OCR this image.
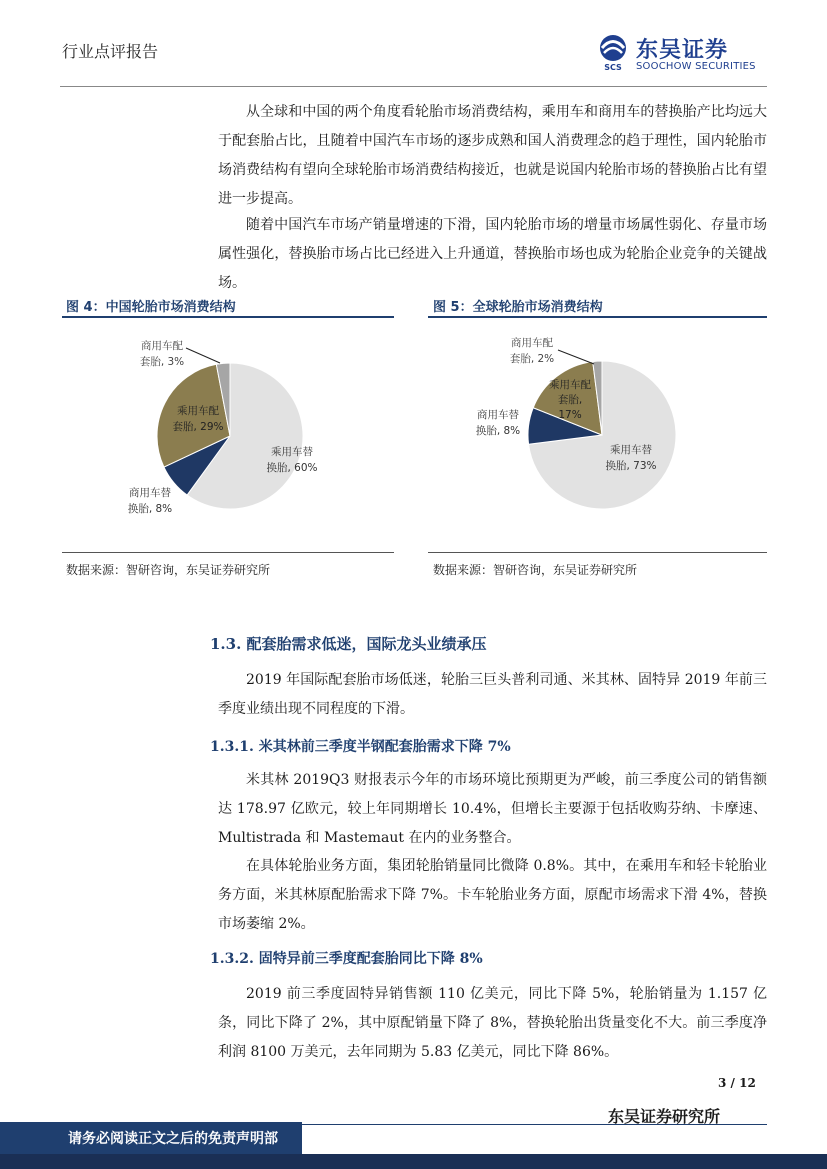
行业点评报告
SCS
东吴证券
SOOCHOW SECURITIES

从全球和中国的两个角度看轮胎市场消费结构，乘用车和商用车的替换胎产比均远大于配套胎占比，且随着中国汽车市场的逐步成熟和国人消费理念的趋于理性，国内轮胎市场消费结构有望向全球轮胎市场消费结构接近，也就是说国内轮胎市场的替换胎占比有望进一步提高。

随着中国汽车市场产销量增速的下滑，国内轮胎市场的增量市场属性弱化、存量市场属性强化，替换胎市场占比已经进入上升通道，替换胎市场也成为轮胎企业竞争的关键战场。

图 4：中国轮胎市场消费结构
乘用车替
换胎, 60%
商用车替
换胎, 8%
乘用车配
套胎, 29%
商用车配
套胎, 3%
数据来源：智研咨询，东吴证券研究所
图 5：全球轮胎市场消费结构
乘用车替
换胎, 73%
商用车替
换胎, 8%
乘用车配
套胎,
17%
商用车配
套胎, 2%
数据来源：智研咨询，东吴证券研究所
1.3. 配套胎需求低迷，国际龙头业绩承压

2019 年国际配套胎市场低迷，轮胎三巨头普利司通、米其林、固特异 2019 年前三季度业绩出现不同程度的下滑。

1.3.1. 米其林前三季度半钢配套胎需求下降 7%

米其林 2019Q3 财报表示今年的市场环境比预期更为严峻，前三季度公司的销售额达 178.97 亿欧元，较上年同期增长 10.4%，但增长主要源于包括收购芬纳、卡摩速、Multistrada 和 Mastemaut 在内的业务整合。

在具体轮胎业务方面，集团轮胎销量同比微降 0.8%。其中，在乘用车和轻卡轮胎业务方面，米其林原配胎需求下降 7%。卡车轮胎业务方面，原配市场需求下滑 4%，替换市场萎缩 2%。

1.3.2. 固特异前三季度配套胎同比下降 8%

2019 前三季度固特异销售额 110 亿美元，同比下降 5%，轮胎销量为 1.157 亿条，同比下降了 2%，其中原配销量下降了 8%，替换轮胎出货量变化不大。前三季度净利润 8100 万美元，去年同期为 5.83 亿美元，同比下降 86%。

3 / 12
东吴证券研究所
请务必阅读正文之后的免责声明部
